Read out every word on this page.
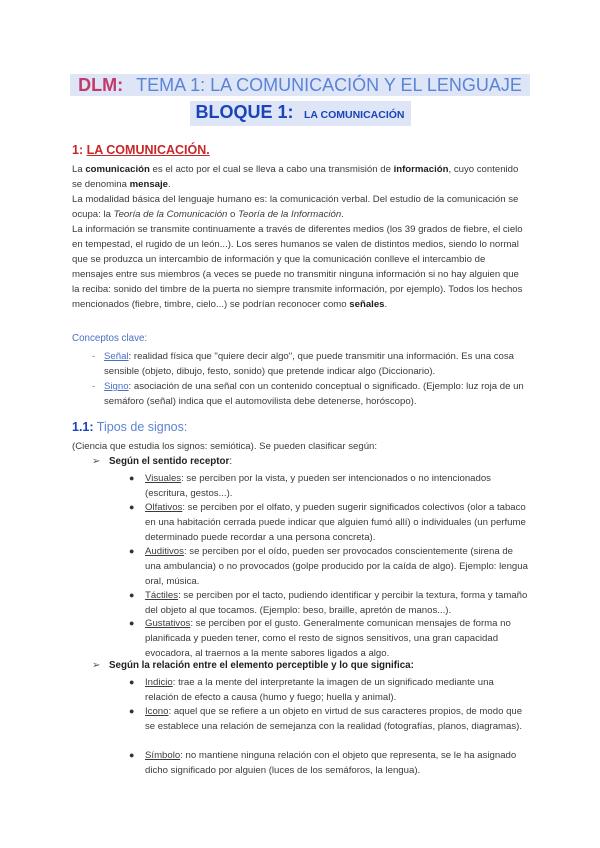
DLM: TEMA 1: LA COMUNICACIÓN Y EL LENGUAJE
BLOQUE 1: LA COMUNICACIÓN
1: LA COMUNICACIÓN.

La comunicación es el acto por el cual se lleva a cabo una transmisión de información, cuyo contenido se denomina mensaje.

La modalidad básica del lenguaje humano es: la comunicación verbal. Del estudio de la comunicación se ocupa: la Teoría de la Comunicación o Teoría de la Información.

La información se transmite continuamente a través de diferentes medios (los 39 grados de fiebre, el cielo en tempestad, el rugido de un león...). Los seres humanos se valen de distintos medios, siendo lo normal que se produzca un intercambio de información y que la comunicación conlleve el intercambio de mensajes entre sus miembros (a veces se puede no transmitir ninguna información si no hay alguien que la reciba: sonido del timbre de la puerta no siempre transmite información, por ejemplo). Todos los hechos mencionados (fiebre, timbre, cielo...) se podrían reconocer como señales.

Conceptos clave:

- Señal: realidad física que "quiere decir algo", que puede transmitir una información. Es una cosa sensible (objeto, dibujo, festo, sonido) que pretende indicar algo (Diccionario).

- Signo: asociación de una señal con un contenido conceptual o significado. (Ejemplo: luz roja de un semáforo (señal) indica que el automovilista debe detenerse, horóscopo).

1.1: Tipos de signos:

(Ciencia que estudia los signos: semiótica). Se pueden clasificar según:

➢ Según el sentido receptor:

● Visuales: se perciben por la vista, y pueden ser intencionados o no intencionados (escritura, gestos...).

● Olfativos: se perciben por el olfato, y pueden sugerir significados colectivos (olor a tabaco en una habitación cerrada puede indicar que alguien fumó allí) o individuales (un perfume determinado puede recordar a una persona concreta).

● Auditivos: se perciben por el oído, pueden ser provocados conscientemente (sirena de una ambulancia) o no provocados (golpe producido por la caída de algo). Ejemplo: lengua oral, música.

● Táctiles: se perciben por el tacto, pudiendo identificar y percibir la textura, forma y tamaño del objeto al que tocamos. (Ejemplo: beso, braille, apretón de manos...).

● Gustativos: se perciben por el gusto. Generalmente comunican mensajes de forma no planificada y pueden tener, como el resto de signos sensitivos, una gran capacidad evocadora, al traernos a la mente sabores ligados a algo.

➢ Según la relación entre el elemento perceptible y lo que significa:

● Indicio: trae a la mente del interpretante la imagen de un significado mediante una relación de efecto a causa (humo y fuego; huella y animal).

● Icono: aquel que se refiere a un objeto en virtud de sus caracteres propios, de modo que se establece una relación de semejanza con la realidad (fotografías, planos, diagramas).

● Símbolo: no mantiene ninguna relación con el objeto que representa, se le ha asignado dicho significado por alguien (luces de los semáforos, la lengua).
